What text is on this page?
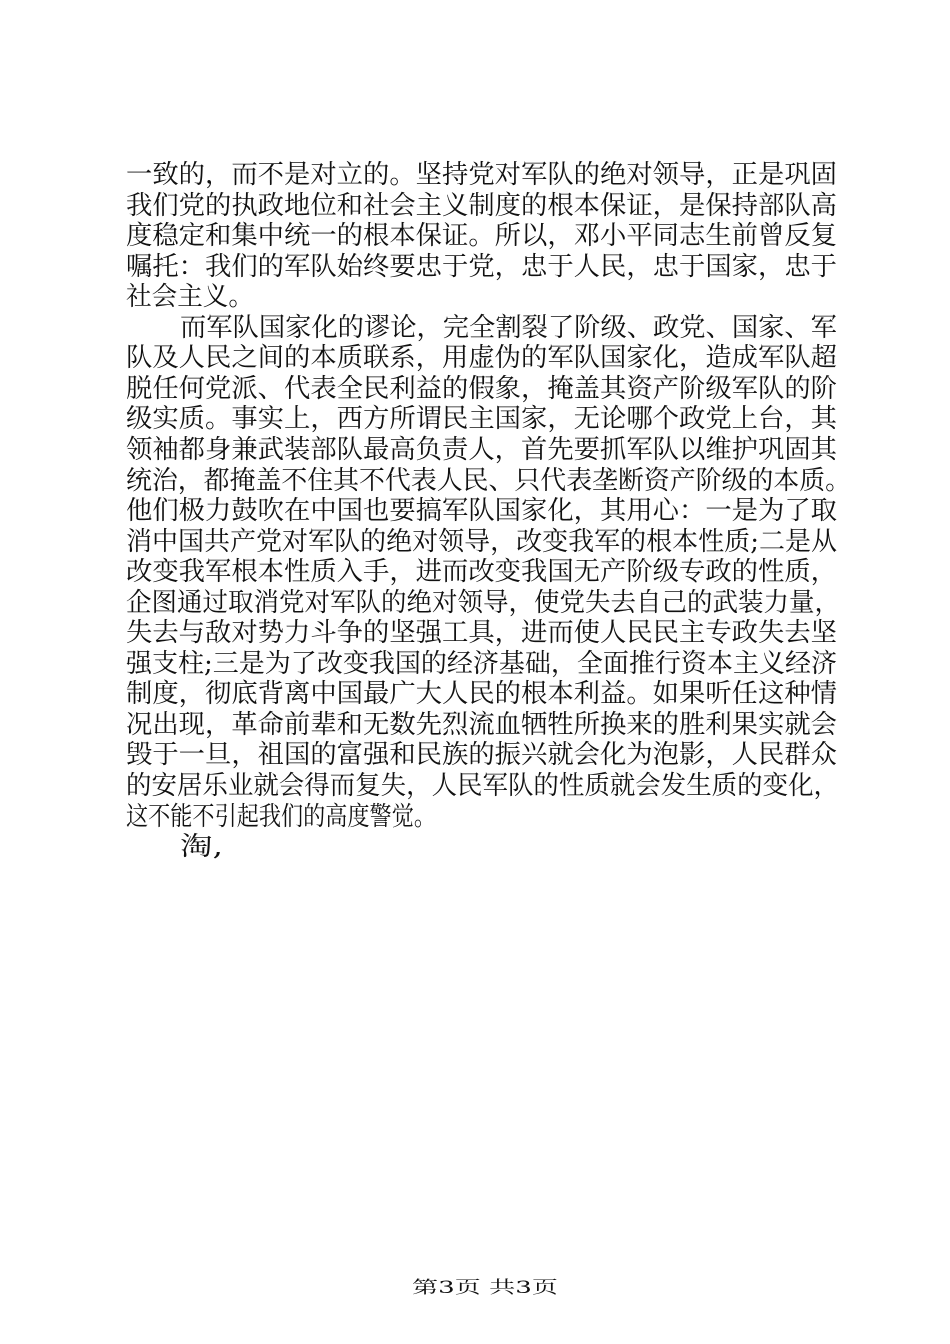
一致的，而不是对立的。坚持党对军队的绝对领导，正是巩固
我们党的执政地位和社会主义制度的根本保证，是保持部队高
度稳定和集中统一的根本保证。所以，邓小平同志生前曾反复
嘱托：我们的军队始终要忠于党，忠于人民，忠于国家，忠于
社会主义。
而军队国家化的谬论，完全割裂了阶级、政党、国家、军
队及人民之间的本质联系，用虚伪的军队国家化，造成军队超
脱任何党派、代表全民利益的假象，掩盖其资产阶级军队的阶
级实质。事实上，西方所谓民主国家，无论哪个政党上台，其
领袖都身兼武装部队最高负责人，首先要抓军队以维护巩固其
统治，都掩盖不住其不代表人民、只代表垄断资产阶级的本质。
他们极力鼓吹在中国也要搞军队国家化，其用心：一是为了取
消中国共产党对军队的绝对领导，改变我军的根本性质;二是从
改变我军根本性质入手，进而改变我国无产阶级专政的性质，
企图通过取消党对军队的绝对领导，使党失去自己的武装力量，
失去与敌对势力斗争的坚强工具，进而使人民民主专政失去坚
强支柱;三是为了改变我国的经济基础，全面推行资本主义经济
制度，彻底背离中国最广大人民的根本利益。如果听任这种情
况出现，革命前辈和无数先烈流血牺牲所换来的胜利果实就会
毁于一旦，祖国的富强和民族的振兴就会化为泡影，人民群众
的安居乐业就会得而复失，人民军队的性质就会发生质的变化，
这不能不引起我们的高度警觉。
淘,
第3页 共3页
